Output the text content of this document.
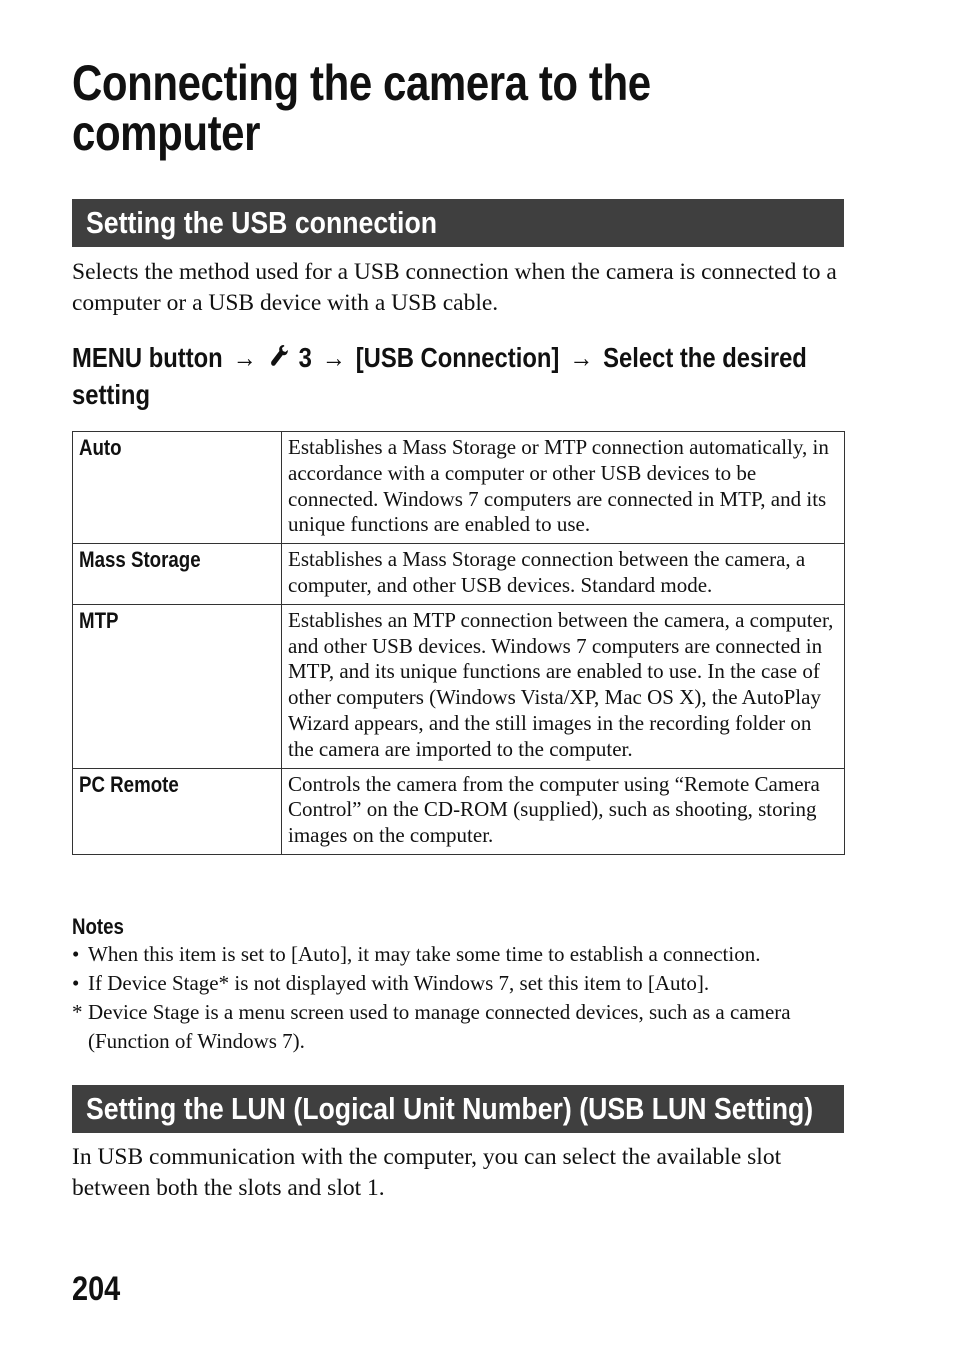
Connecting the camera to the computer
Setting the USB connection

Selects the method used for a USB connection when the camera is connected to a computer or a USB device with a USB cable.

MENU button → 3 → [USB Connection] → Select the desired setting

Auto	Establishes a Mass Storage or MTP connection automatically, in accordance with a computer or other USB devices to be connected. Windows 7 computers are connected in MTP, and its unique functions are enabled to use.
Mass Storage	Establishes a Mass Storage connection between the camera, a computer, and other USB devices. Standard mode.
MTP	Establishes an MTP connection between the camera, a computer, and other USB devices. Windows 7 computers are connected in MTP, and its unique functions are enabled to use. In the case of other computers (Windows Vista/XP, Mac OS X), the AutoPlay Wizard appears, and the still images in the recording folder on the camera are imported to the computer.
PC Remote	Controls the camera from the computer using “Remote Camera Control” on the CD-ROM (supplied), such as shooting, storing images on the computer.
Notes
• When this item is set to [Auto], it may take some time to establish a connection.
• If Device Stage* is not displayed with Windows 7, set this item to [Auto].
* Device Stage is a menu screen used to manage connected devices, such as a camera (Function of Windows 7).
Setting the LUN (Logical Unit Number) (USB LUN Setting)

In USB communication with the computer, you can select the available slot between both the slots and slot 1.

204
